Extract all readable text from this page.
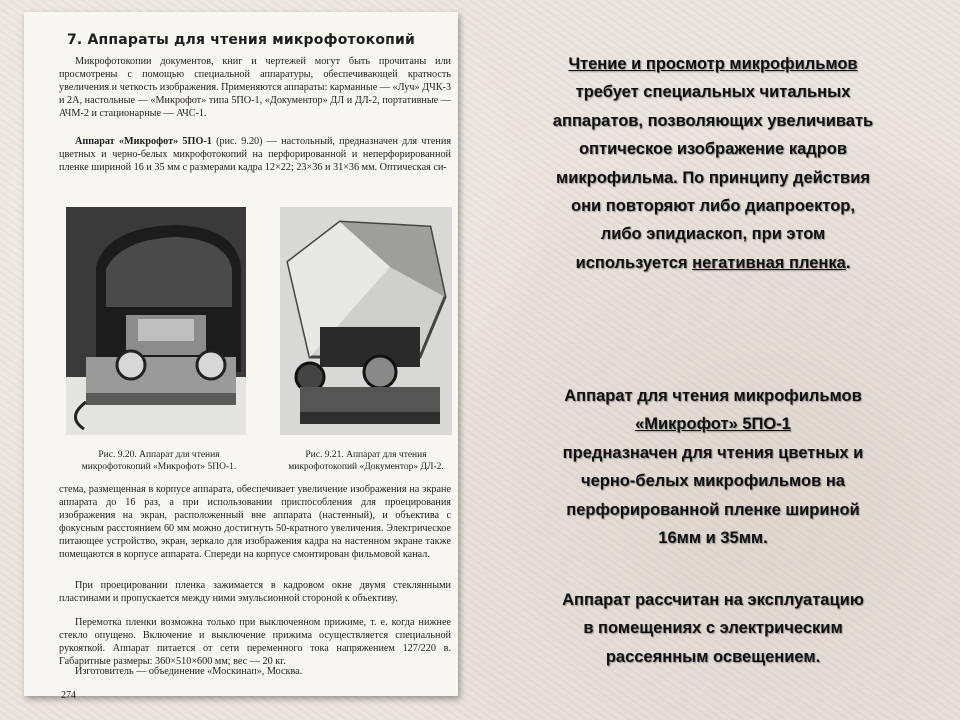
7. Аппараты для чтения микрофотокопий

Микрофотокопии документов, книг и чертежей могут быть прочитаны или просмотрены с помощью специальной аппаратуры, обеспечивающей кратность увеличения и четкость изображения. Применяются аппараты: карманные — «Луч» ДЧК-3 и 2А, настольные — «Микрофот» типа 5ПО-1, «Документор» ДЛ и ДЛ-2, портативные — АЧМ-2 и стационарные — АЧС-1.

Аппарат «Микрофот» 5ПО-1 (рис. 9.20) — настольный, предназначен для чтения цветных и черно-белых микрофотокопий на перфорированной и неперфорированной пленке шириной 16 и 35 мм с размерами кадра 12×22; 23×36 и 31×36 мм. Оптическая си-

Рис. 9.20. Аппарат для чтения микрофотокопий «Микрофот» 5ПО-1.
Рис. 9.21. Аппарат для чтения микрофотокопий «Документор» ДЛ-2.

стема, размещенная в корпусе аппарата, обеспечивает увеличение изображения на экране аппарата до 16 раз, а при использовании приспособления для проецирования изображения на экран, расположенный вне аппарата (настенный), и объектива с фокусным расстоянием 60 мм можно достигнуть 50-кратного увеличения. Электрическое питающее устройство, экран, зеркало для изображения кадра на настенном экране также помещаются в корпусе аппарата. Спереди на корпусе смонтирован фильмовой канал.

При проецировании пленка зажимается в кадровом окне двумя стеклянными пластинами и пропускается между ними эмульсионной стороной к объективу.

Перемотка пленки возможна только при выключенном прижиме, т. е. когда нижнее стекло опущено. Включение и выключение прижима осуществляется специальной рукояткой. Аппарат питается от сети переменного тока напряжением 127/220 в. Габаритные размеры: 360×510×600 мм; вес — 20 кг.

Изготовитель — объединение «Москинап», Москва.

274

Чтение и просмотр микрофильмов

требует специальных читальных

аппаратов, позволяющих увеличивать

оптическое изображение кадров

микрофильма. По принципу действия

они повторяют либо диапроектор,

либо эпидиаскоп, при этом

используется негативная пленка.

Аппарат для чтения микрофильмов

«Микрофот» 5ПО-1

предназначен для чтения цветных и

черно-белых микрофильмов на

перфорированной пленке шириной

16мм и 35мм.

Аппарат рассчитан на эксплуатацию

в помещениях с электрическим

рассеянным освещением.
